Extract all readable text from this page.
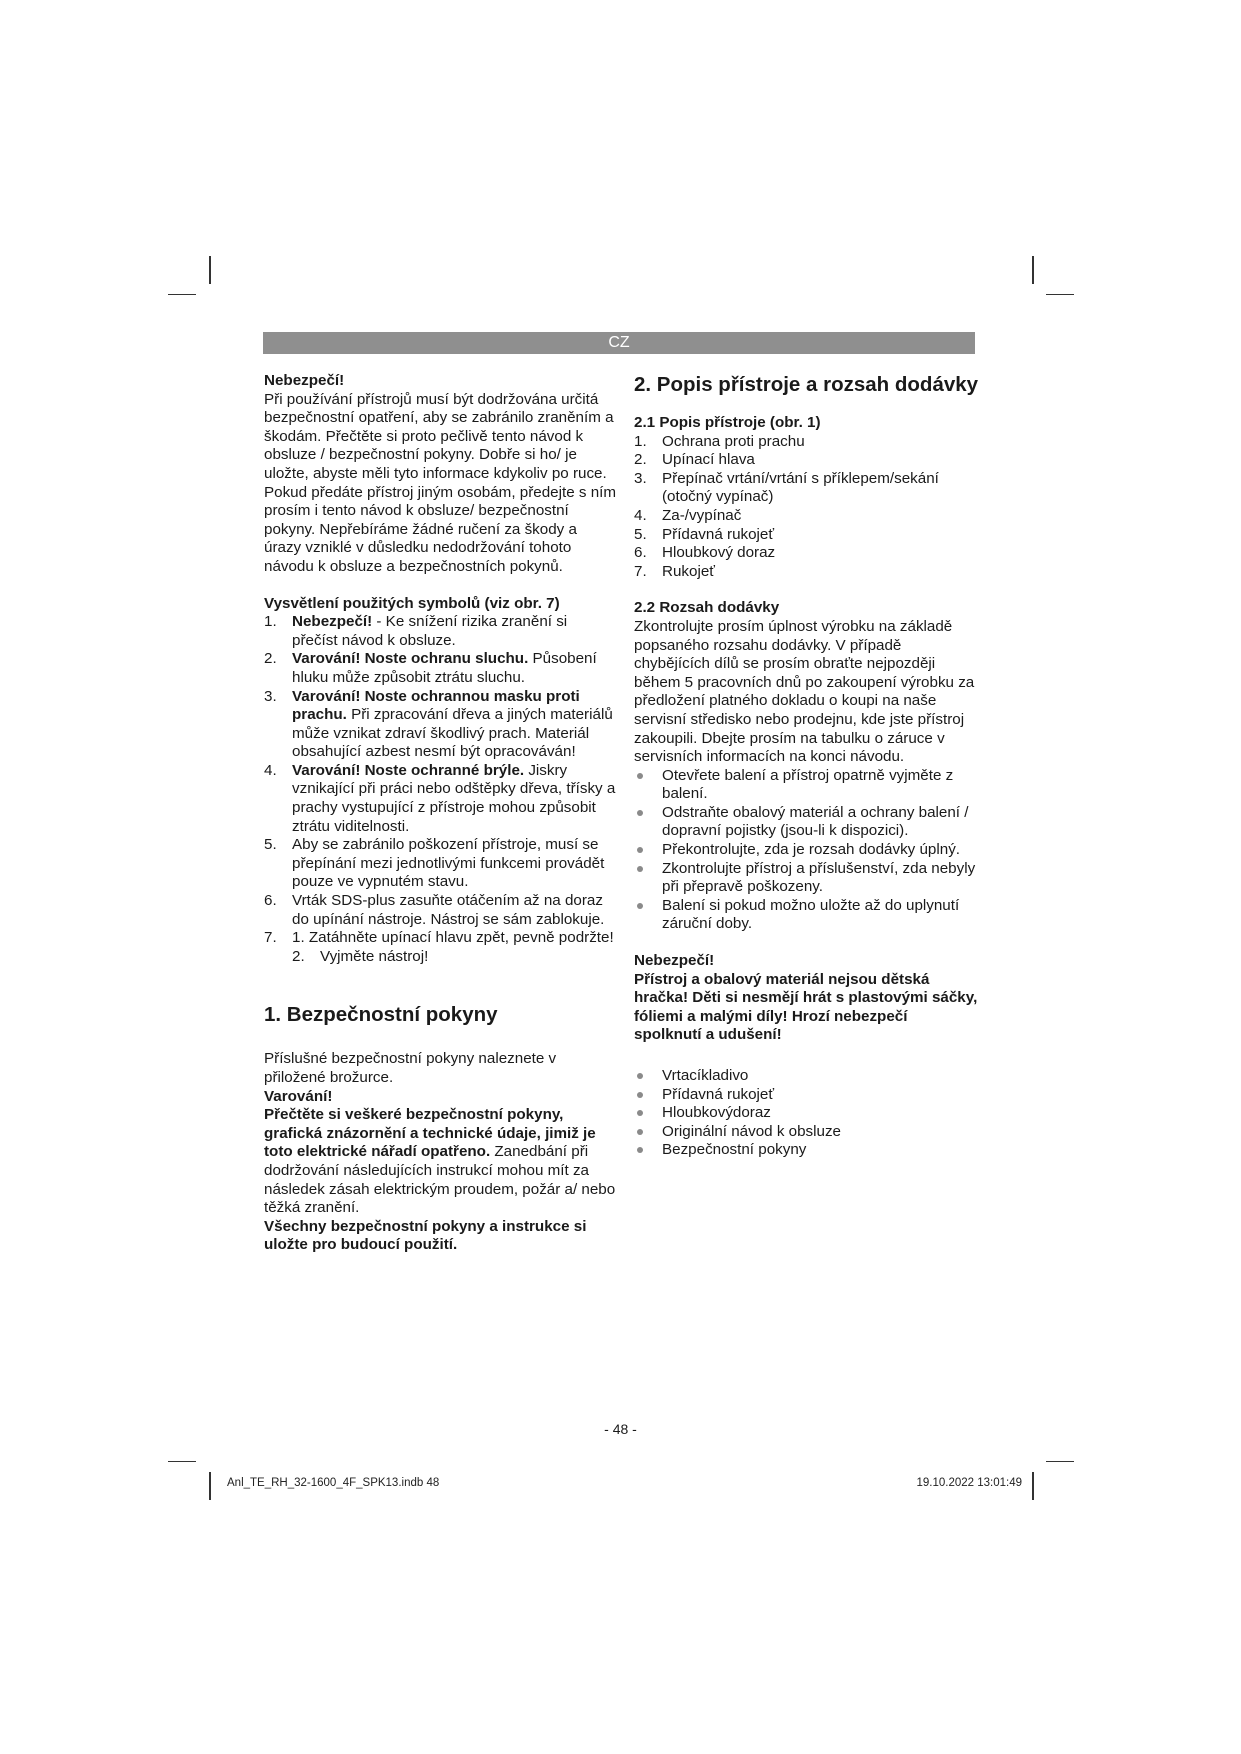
CZ

Nebezpečí!

Při používání přístrojů musí být dodržována určitá bezpečnostní opatření, aby se zabránilo zraněním a škodám. Přečtěte si proto pečlivě tento návod k obsluze / bezpečnostní pokyny. Dobře si ho/ je uložte, abyste měli tyto informace kdykoliv po ruce. Pokud předáte přístroj jiným osobám, předejte s ním prosím i tento návod k obsluze/ bezpečnostní pokyny. Nepřebíráme žádné ručení za škody a úrazy vzniklé v důsledku nedodržování tohoto návodu k obsluze a bezpečnostních pokynů.

Vysvětlení použitých symbolů (viz obr. 7)

1. Nebezpečí! - Ke snížení rizika zranění si přečíst návod k obsluze.
2. Varování! Noste ochranu sluchu. Působení hluku může způsobit ztrátu sluchu.
3. Varování! Noste ochrannou masku proti prachu. Při zpracování dřeva a jiných materiálů může vznikat zdraví škodlivý prach. Materiál obsahující azbest nesmí být opracováván!
4. Varování! Noste ochranné brýle. Jiskry vznikající při práci nebo odštěpky dřeva, třísky a prachy vystupující z přístroje mohou způsobit ztrátu viditelnosti.
5. Aby se zabránilo poškození přístroje, musí se přepínání mezi jednotlivými funkcemi provádět pouze ve vypnutém stavu.
6. Vrták SDS-plus zasuňte otáčením až na doraz do upínání nástroje. Nástroj se sám zablokuje.
7. 1. Zatáhněte upínací hlavu zpět, pevně podržte!
2. Vyjměte nástroj!

1. Bezpečnostní pokyny

Příslušné bezpečnostní pokyny naleznete v přiložené brožurce.

Varování!

Přečtěte si veškeré bezpečnostní pokyny, grafická znázornění a technické údaje, jimiž je toto elektrické nářadí opatřeno. Zanedbání při dodržování následujících instrukcí mohou mít za následek zásah elektrickým proudem, požár a/ nebo těžká zranění.

Všechny bezpečnostní pokyny a instrukce si uložte pro budoucí použití.

2. Popis přístroje a rozsah dodávky

2.1 Popis přístroje (obr. 1)

1. Ochrana proti prachu
2. Upínací hlava
3. Přepínač vrtání/vrtání s příklepem/sekání (otočný vypínač)
4. Za-/vypínač
5. Přídavná rukojeť
6. Hloubkový doraz
7. Rukojeť

2.2 Rozsah dodávky

Zkontrolujte prosím úplnost výrobku na základě popsaného rozsahu dodávky. V případě chybějících dílů se prosím obraťte nejpozději během 5 pracovních dnů po zakoupení výrobku za předložení platného dokladu o koupi na naše servisní středisko nebo prodejnu, kde jste přístroj zakoupili. Dbejte prosím na tabulku o záruce v servisních informacích na konci návodu.

Otevřete balení a přístroj opatrně vyjměte z balení.
Odstraňte obalový materiál a ochrany balení / dopravní pojistky (jsou-li k dispozici).
Překontrolujte, zda je rozsah dodávky úplný.
Zkontrolujte přístroj a příslušenství, zda nebyly při přepravě poškozeny.
Balení si pokud možno uložte až do uplynutí záruční doby.

Nebezpečí!

Přístroj a obalový materiál nejsou dětská hračka! Děti si nesmějí hrát s plastovými sáčky, fóliemi a malými díly! Hrozí nebezpečí spolknutí a udušení!

Vrtacíkladivo
Přídavná rukojeť
Hloubkovýdoraz
Originální návod k obsluze
Bezpečnostní pokyny
- 48 -
Anl_TE_RH_32-1600_4F_SPK13.indb 48	19.10.2022 13:01:49
